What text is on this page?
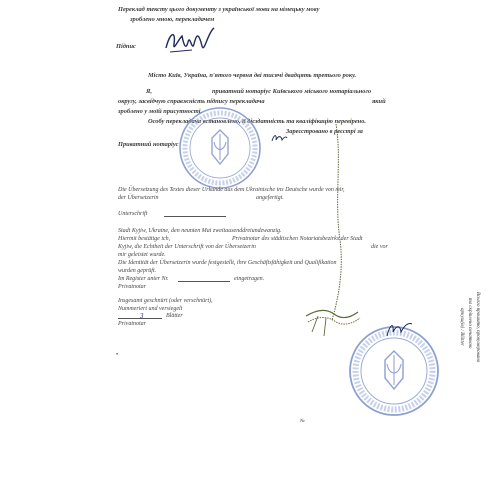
Переклад тексту цього документу з української мови на німецьку мову
зроблено мною, перекладачем
Підпис
Місто Київ, Україна, п'ятого червня дві тисячі двадцять третього року.
Я,	приватний нотаріус Київського міського нотаріального
округу, засвідчую справжність підпису перекладача	який
зроблено у моїй присутності.
Особу перекладача встановлено, її дієздатність та кваліфікацію перевірено.
Зареєстровано в реєстрі за
Приватний нотаріус
Die Übersetzung des Textes dieser Urkunde aus dem Ukrainische ins Deutsche wurde von mir,
der Übersetzerin	angefertigt.
Unterschrift
Stadt Kyjiw, Ukraine, den neunten Mai zweitausenddreiundzwanzig.
Hiermit bestätige ich,	Privatnotar des städtischen Notariatsbezirks der Stadt
Kyjiw, die Echtheit der Unterschrift von der Übersetzerin	die vor
mir geleistet wurde.
Die Identität der Übersetzerin wurde festgestellt, ihre Geschäftsfähigkeit und Qualifikation
wurden geprüft.
Im Register unter Nr.	eingetragen.
Privatnotar
Insgesamt geschnürt (oder verschnürt),
Nummeriert und versiegelt
3	Blätter
Privatnotar	Всього прошито, пронумеровано
та скріплено печаткою
аркуш(ів) / Blätter
№
•
